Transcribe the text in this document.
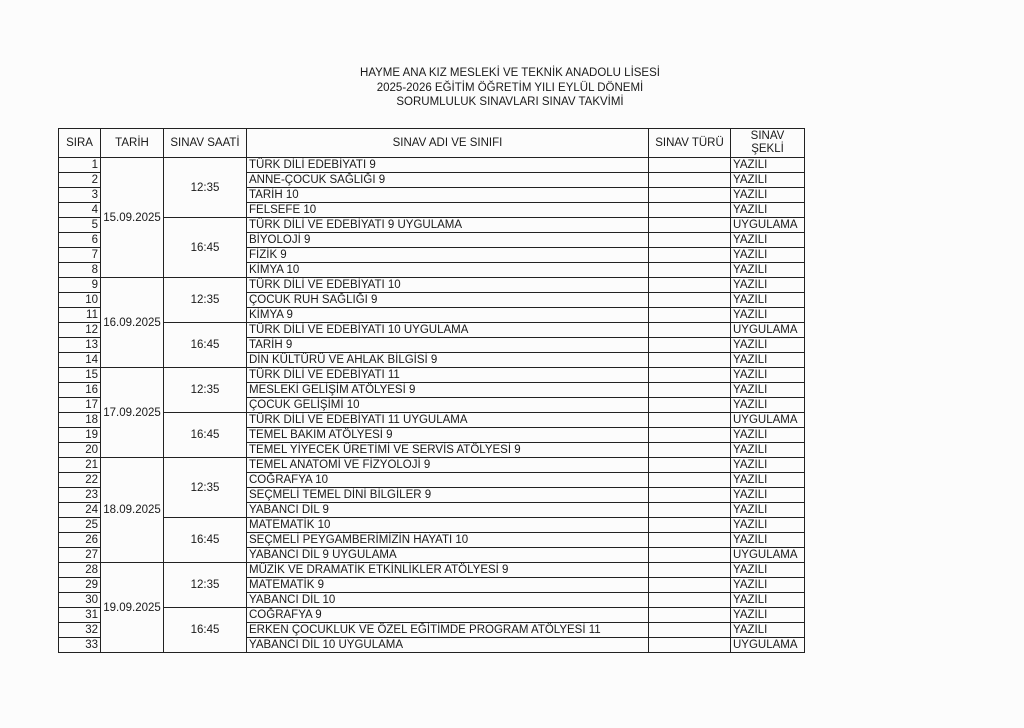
HAYME ANA KIZ MESLEKİ VE TEKNİK ANADOLU LİSESİ
2025-2026 EĞİTİM ÖĞRETİM YILI EYLÜL DÖNEMİ
SORUMLULUK SINAVLARI SINAV TAKVİMİ
SIRA	TARİH	SINAV SAATİ	SINAV ADI VE SINIFI	SINAV TÜRÜ	SINAV
ŞEKLİ
1	15.09.2025	12:35	TÜRK DİLİ EDEBİYATI 9		YAZILI
2			ANNE-ÇOCUK SAĞLIĞI 9		YAZILI
3			TARİH 10		YAZILI
4			FELSEFE 10		YAZILI
5		16:45	TÜRK DİLİ VE EDEBİYATI 9 UYGULAMA		UYGULAMA
6			BİYOLOJİ 9		YAZILI
7			FİZİK 9		YAZILI
8			KİMYA 10		YAZILI
9	16.09.2025	12:35	TÜRK DİLİ VE EDEBİYATI 10		YAZILI
10			ÇOCUK RUH SAĞLIĞI 9		YAZILI
11			KİMYA 9		YAZILI
12		16:45	TÜRK DİLİ VE EDEBİYATI 10 UYGULAMA		UYGULAMA
13			TARİH 9		YAZILI
14			DİN KÜLTÜRÜ VE AHLAK BİLGİSİ 9		YAZILI
15	17.09.2025	12:35	TÜRK DİLİ VE EDEBİYATI 11		YAZILI
16			MESLEKİ GELİŞİM ATÖLYESİ 9		YAZILI
17			ÇOCUK GELİŞİMİ 10		YAZILI
18		16:45	TÜRK DİLİ VE EDEBİYATI 11 UYGULAMA		UYGULAMA
19			TEMEL BAKIM ATÖLYESİ 9		YAZILI
20			TEMEL YİYECEK ÜRETİMİ VE SERVİS ATÖLYESİ 9		YAZILI
21	18.09.2025	12:35	TEMEL ANATOMİ VE FİZYOLOJİ 9		YAZILI
22			COĞRAFYA 10		YAZILI
23			SEÇMELİ TEMEL DİNİ BİLGİLER 9		YAZILI
24			YABANCI DİL 9		YAZILI
25		16:45	MATEMATİK 10		YAZILI
26			SEÇMELİ PEYGAMBERİMİZİN HAYATI 10		YAZILI
27			YABANCI DİL 9 UYGULAMA		UYGULAMA
28	19.09.2025	12:35	MÜZİK VE DRAMATİK ETKİNLİKLER ATÖLYESİ 9		YAZILI
29			MATEMATİK 9		YAZILI
30			YABANCI DİL 10		YAZILI
31		16:45	COĞRAFYA 9		YAZILI
32			ERKEN ÇOCUKLUK VE ÖZEL EĞİTİMDE PROGRAM ATÖLYESİ 11		YAZILI
33			YABANCI DİL 10 UYGULAMA		UYGULAMA
